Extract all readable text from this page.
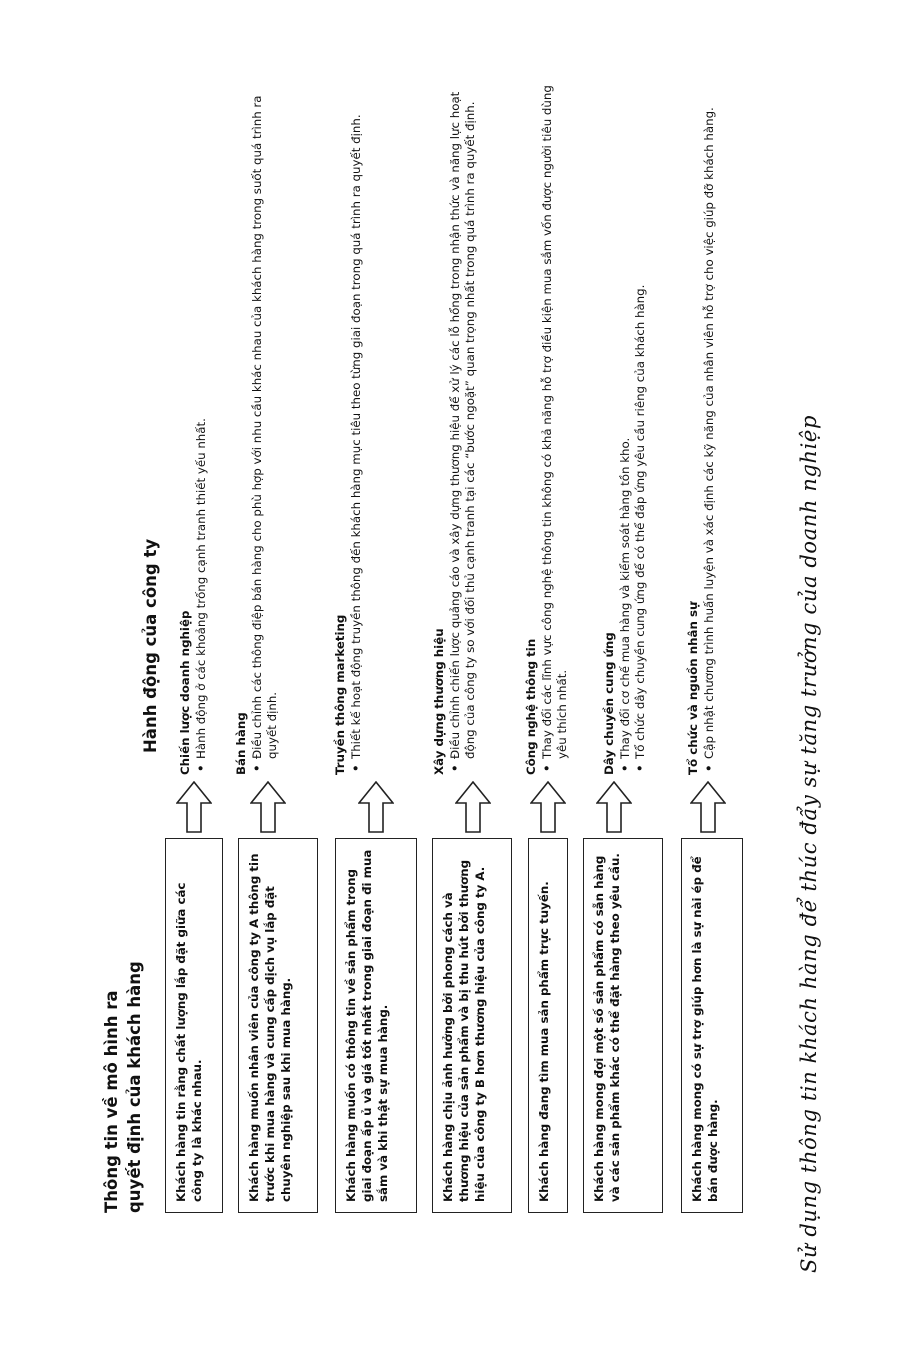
Thông tin về mô hình ra quyết định của khách hàng
Hành động của công ty
Khách hàng tin rằng chất lượng lắp đặt giữa các công ty là khác nhau.
Chiến lược doanh nghiệp • Hành động ở các khoảng trống cạnh tranh thiết yếu nhất.
Khách hàng muốn nhân viên của công ty A thông tin trước khi mua hàng và cung cấp dịch vụ lắp đặt chuyên nghiệp sau khi mua hàng.
Bán hàng • Điều chỉnh các thông điệp bán hàng cho phù hợp với nhu cầu khác nhau của khách hàng trong suốt quá trình ra quyết định.
Khách hàng muốn có thông tin về sản phẩm trong giai đoạn ấp ủ và giá tốt nhất trong giai đoạn đi mua sắm và khi thật sự mua hàng.
Truyền thông marketing • Thiết kế hoạt động truyền thông đến khách hàng mục tiêu theo từng giai đoạn trong quá trình ra quyết định.
Khách hàng chịu ảnh hưởng bởi phong cách và thương hiệu của sản phẩm và bị thu hút bởi thương hiệu của công ty B hơn thương hiệu của công ty A.
Xây dựng thương hiệu • Điều chỉnh chiến lược quảng cáo và xây dựng thương hiệu để xử lý các lỗ hổng trong nhận thức và năng lực hoạt động của công ty so với đối thủ cạnh tranh tại các “bước ngoặt” quan trọng nhất trong quá trình ra quyết định.
Khách hàng đang tìm mua sản phẩm trực tuyến.
Công nghệ thông tin • Thay đổi các lĩnh vực công nghệ thông tin không có khả năng hỗ trợ điều kiện mua sắm vốn được người tiêu dùng yêu thích nhất.
Khách hàng mong đợi một số sản phẩm có sẵn hàng và các sản phẩm khác có thể đặt hàng theo yêu cầu.
Dây chuyền cung ứng • Thay đổi cơ chế mua hàng và kiểm soát hàng tồn kho. • Tổ chức dây chuyền cung ứng để có thể đáp ứng yêu cầu riêng của khách hàng.
Khách hàng mong có sự trợ giúp hơn là sự nài ép để bán được hàng.
Tổ chức và nguồn nhân sự • Cập nhật chương trình huấn luyện và xác định các kỹ năng của nhân viên hỗ trợ cho việc giúp đỡ khách hàng.	Sử dụng thông tin khách hàng để thúc đẩy sự tăng trưởng của doanh nghiệp
